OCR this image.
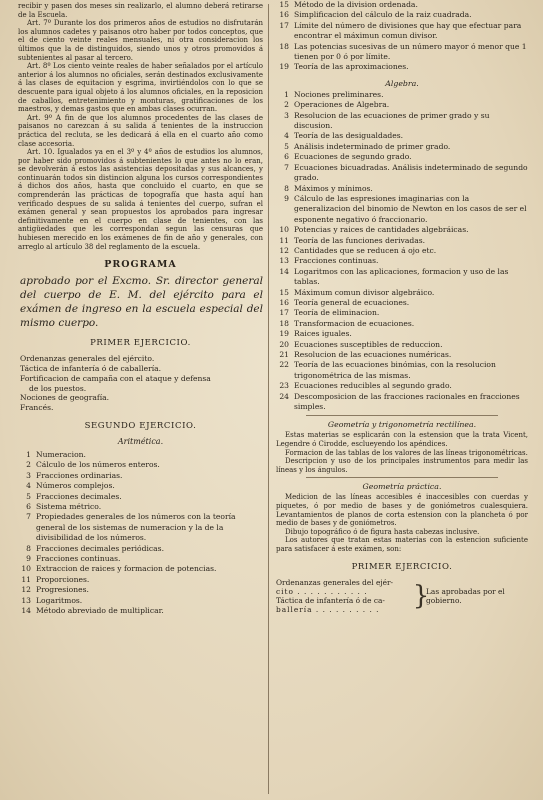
recibir y pasen dos meses sin realizarlo, el alumno deberá retirarse de la Escuela.

Art. 7º Durante los dos primeros años de estudios no disfrutarán los alumnos cadetes y paisanos otro haber por todos conceptos, que el de ciento veinte reales mensuales, ni otra consideracion los últimos que la de distinguidos, siendo unos y otros promovidos á subtenientes al pasar al tercero.

Art. 8º Los ciento veinte reales de haber señalados por el artículo anterior á los alumnos no oficiales, serán destinados exclusivamente á las clases de equitacion y esgrima, invirtiéndolos con lo que se descuente para igual objeto á los alumnos oficiales, en la reposicion de caballos, entretenimiento y monturas, gratificaciones de los maestros, y demas gastos que en ambas clases ocurran.

Art. 9º A fin de que los alumnos procedentes de las clases de paisanos no carezcan á su salida á tenientes de la instruccion práctica del recluta, se les dedicará á ella en el cuarto año como clase accesoria.

Art. 10. Igualados ya en el 3º y 4º años de estudios los alumnos, por haber sido promovidos á subtenientes lo que antes no lo eran, se devolverán á estos las asistencias depositadas y sus alcances, y continuarán todos sin distincion alguna los cursos correspondientes á dichos dos años, hasta que concluido el cuarto, en que se comprenderán las prácticas de topografía que hasta aquí han verificado despues de su salida á tenientes del cuerpo, sufran el exámen general y sean propuestos los aprobados para ingresar definitivamente en el cuerpo en clase de tenientes, con las antigüedades que les correspondan segun las censuras que hubiesen merecido en los exámenes de fin de año y generales, con arreglo al artículo 38 del reglamento de la escuela.

PROGRAMA

aprobado por el Excmo. Sr. director general del cuerpo de E. M. del ejército para el exámen de ingreso en la escuela especial del mismo cuerpo.

PRIMER EJERCICIO.
Ordenanzas generales del ejército.
Táctica de infantería ó de caballería.
Fortificacion de campaña con el ataque y defensa
de los puestos.
Nociones de geografía.
Francés.
SEGUNDO EJERCICIO.
Aritmética.
1 Numeracion.
2 Cálculo de los números enteros.
3 Fracciones ordinarias.
4 Números complejos.
5 Fracciones decimales.
6 Sistema métrico.
7 Propiedades generales de los números con la teoría general de los sistemas de numeracion y la de la divisibilidad de los números.
8 Fracciones decimales periódicas.
9 Fracciones continuas.
10 Extraccion de raices y formacion de potencias.
11 Proporciones.
12 Progresiones.
13 Logaritmos.
14 Método abreviado de multiplicar.
15 Método de la division ordenada.
16 Simplificacion del cálculo de la raiz cuadrada.
17 Límite del número de divisiones que hay que efectuar para encontrar el máximun comun divisor.
18 Las potencias sucesivas de un número mayor ó menor que 1 tienen por 0 ó por límite.
19 Teoría de las aproximaciones.
Algebra.
1 Nociones preliminares.
2 Operaciones de Algebra.
3 Resolucion de las ecuaciones de primer grado y su discusion.
4 Teoría de las desigualdades.
5 Análisis indeterminado de primer grado.
6 Ecuaciones de segundo grado.
7 Ecuaciones bicuadradas. Análisis indeterminado de segundo grado.
8 Máximos y mínimos.
9 Cálculo de las espresiones imaginarias con la generalizacion del binomio de Newton en los casos de ser el esponente negativo ó fraccionario.
10 Potencias y raices de cantidades algebráicas.
11 Teoría de las funciones derivadas.
12 Cantidades que se reducen á ojo etc.
13 Fracciones continuas.
14 Logaritmos con las aplicaciones, formacion y uso de las tablas.
15 Máximum comun divisor algebráico.
16 Teoría general de ecuaciones.
17 Teoría de eliminacion.
18 Transformacion de ecuaciones.
19 Raices iguales.
20 Ecuaciones susceptibles de reduccion.
21 Resolucion de las ecuaciones numéricas.
22 Teoría de las ecuaciones binómias, con la resolucion trigonométrica de las mismas.
23 Ecuaciones reducibles al segundo grado.
24 Descomposicion de las fracciones racionales en fracciones simples.
Geometría y trigonometría rectilínea.

Estas materias se esplicarán con la estension que la trata Vicent, Legendre ó Cirodde, esclueyendo los apéndices.

Formacion de las tablas de los valores de las líneas trigonométricas.

Descripcion y uso de los principales instrumentos para medir las líneas y los ángulos.

Geometría práctica.

Medicion de las líneas accesibles é inaccesibles con cuerdas y piquetes, ó por medio de bases y de goniómetros cualesquiera. Levantamientos de planos de corta estension con la plancheta ó por medio de bases y de goniómetros.

Dibujo topográfico ó de figura hasta cabezas inclusive.

Los autores que tratan estas materias con la estencion suficiente para satisfacer á este exámen, son:

PRIMER EJERCICIO.
Ordenanzas generales del ejér-
cito . . . . . . . . . . .
Táctica de infantería ó de ca-
ballería . . . . . . . . . .	}
Las aprobadas por el gobierno.
